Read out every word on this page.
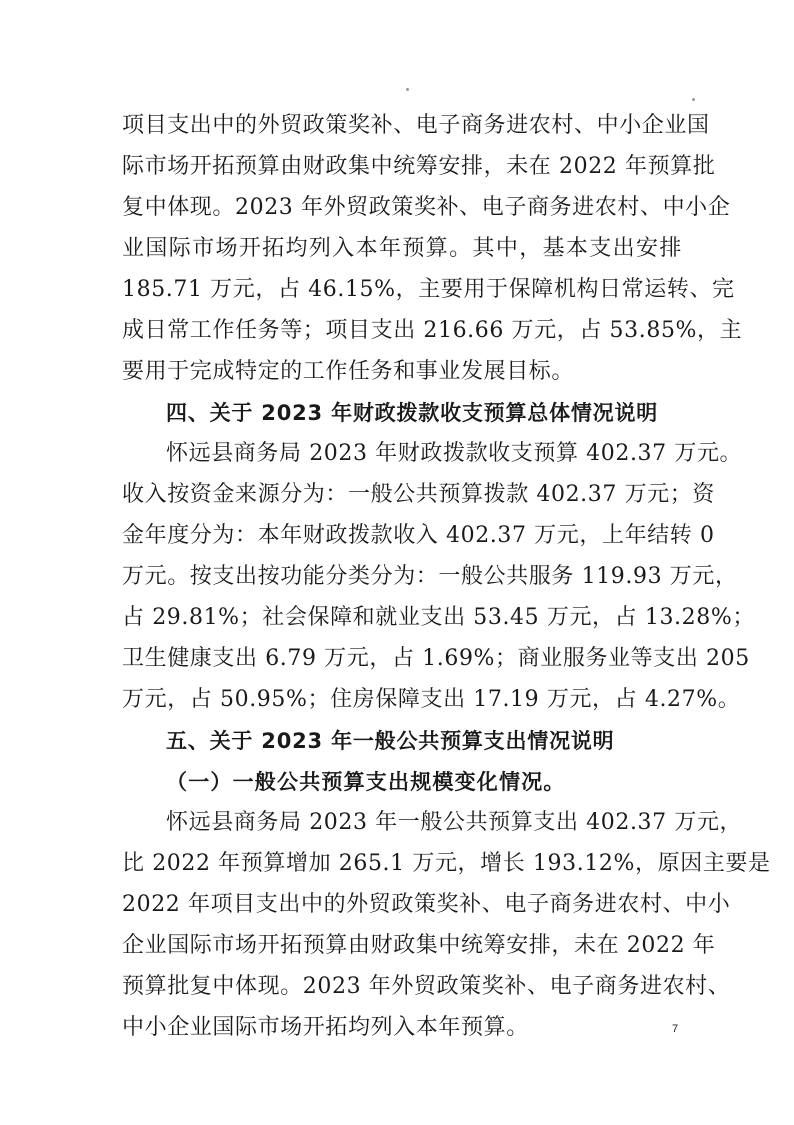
项目支出中的外贸政策奖补、电子商务进农村、中小企业国
际市场开拓预算由财政集中统筹安排，未在 2022 年预算批
复中体现。2023 年外贸政策奖补、电子商务进农村、中小企
业国际市场开拓均列入本年预算。其中，基本支出安排
185.71 万元，占 46.15%，主要用于保障机构日常运转、完
成日常工作任务等；项目支出 216.66 万元，占 53.85%，主
要用于完成特定的工作任务和事业发展目标。
四、关于 2023 年财政拨款收支预算总体情况说明
怀远县商务局 2023 年财政拨款收支预算 402.37 万元。
收入按资金来源分为：一般公共预算拨款 402.37 万元；资
金年度分为：本年财政拨款收入 402.37 万元，上年结转 0
万元。按支出按功能分类分为：一般公共服务 119.93 万元，
占 29.81%；社会保障和就业支出 53.45 万元，占 13.28%；
卫生健康支出 6.79 万元，占 1.69%；商业服务业等支出 205
万元，占 50.95%；住房保障支出 17.19 万元，占 4.27%。
五、关于 2023 年一般公共预算支出情况说明
（一）一般公共预算支出规模变化情况。
怀远县商务局 2023 年一般公共预算支出 402.37 万元，
比 2022 年预算增加 265.1 万元，增长 193.12%，原因主要是
2022 年项目支出中的外贸政策奖补、电子商务进农村、中小
7
企业国际市场开拓预算由财政集中统筹安排，未在 2022 年
预算批复中体现。2023 年外贸政策奖补、电子商务进农村、
中小企业国际市场开拓均列入本年预算。
